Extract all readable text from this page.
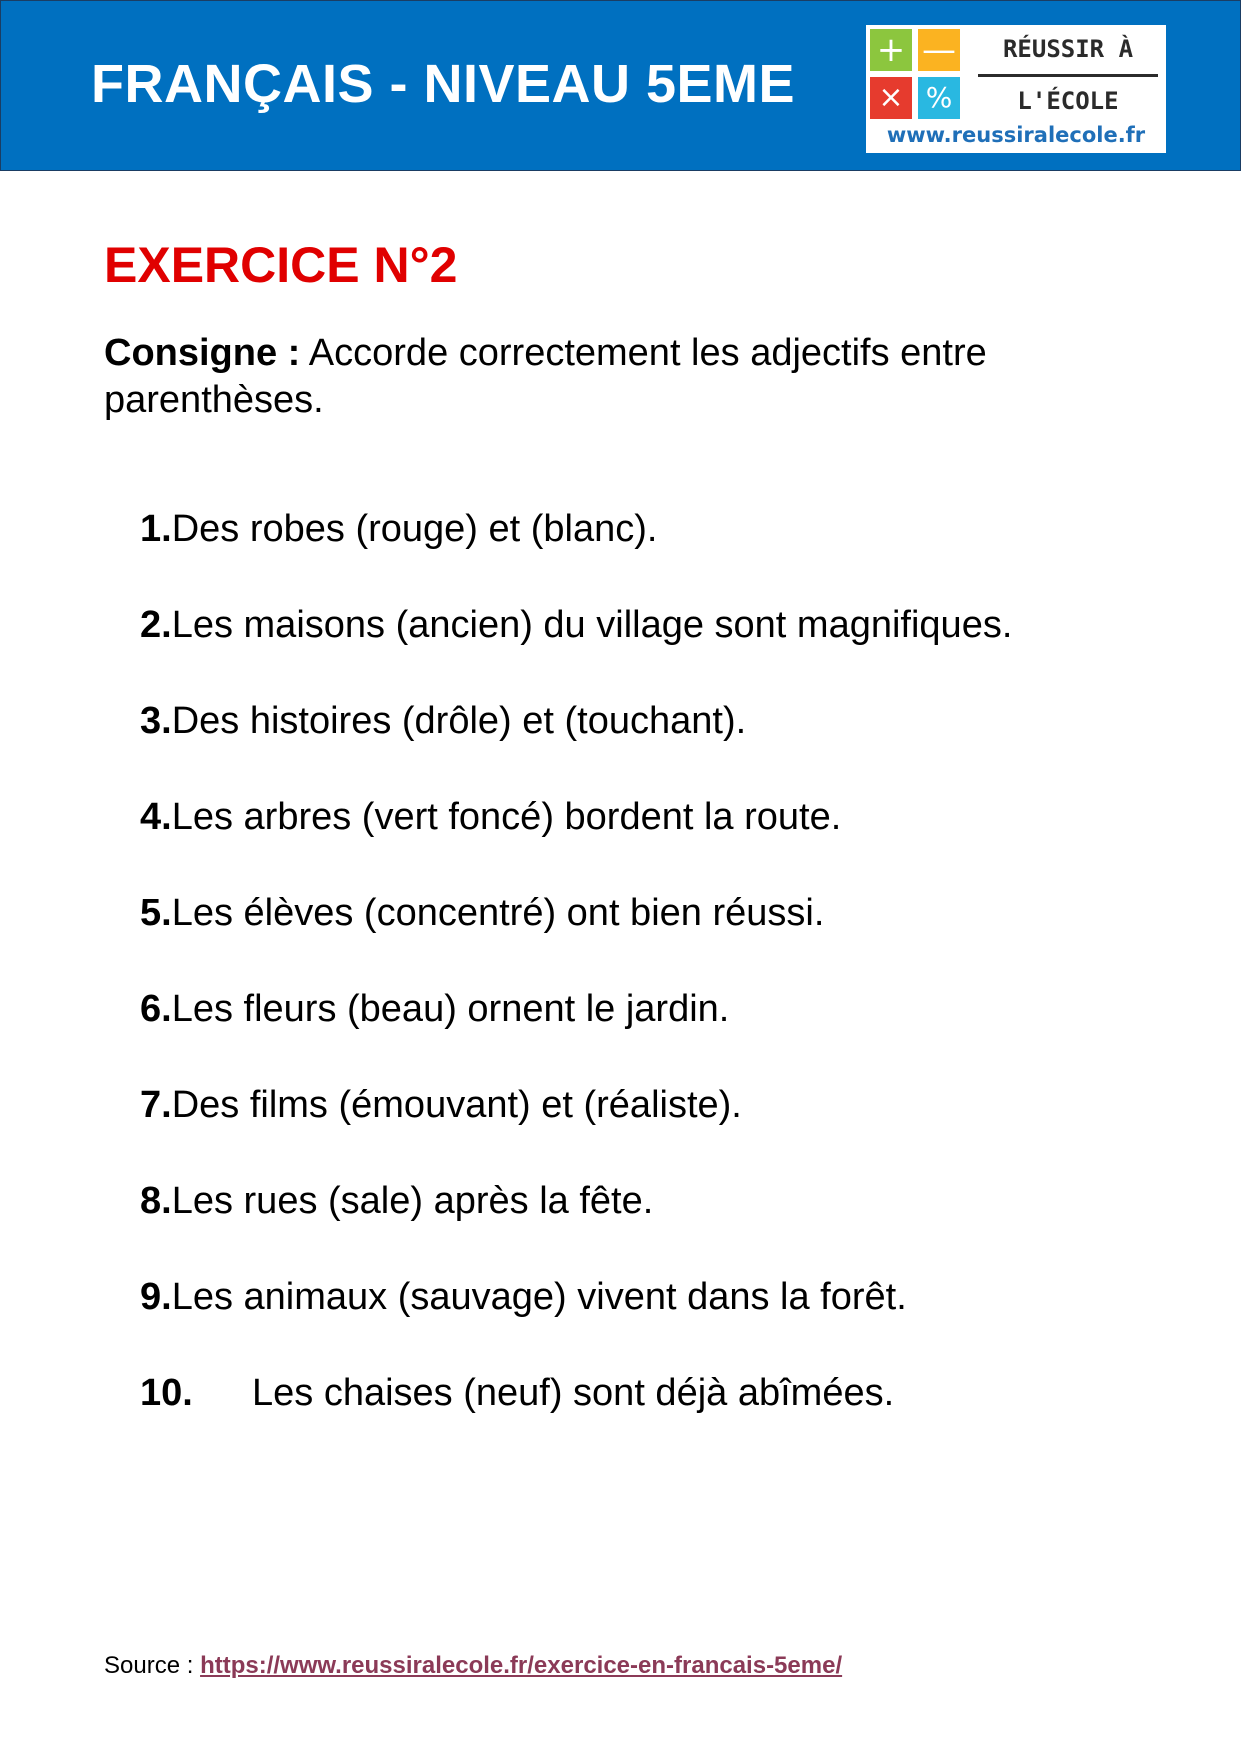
FRANÇAIS - NIVEAU 5EME
+ —
× %
RÉUSSIR À
L'ÉCOLE
www.reussiralecole.fr
EXERCICE N°2
Consigne : Accorde correctement les adjectifs entre parenthèses.
1. Des robes (rouge) et (blanc).
2. Les maisons (ancien) du village sont magnifiques.
3. Des histoires (drôle) et (touchant).
4. Les arbres (vert foncé) bordent la route.
5. Les élèves (concentré) ont bien réussi.
6. Les fleurs (beau) ornent le jardin.
7. Des films (émouvant) et (réaliste).
8. Les rues (sale) après la fête.
9. Les animaux (sauvage) vivent dans la forêt.
10.	Les chaises (neuf) sont déjà abîmées.
Source : https://www.reussiralecole.fr/exercice-en-francais-5eme/
